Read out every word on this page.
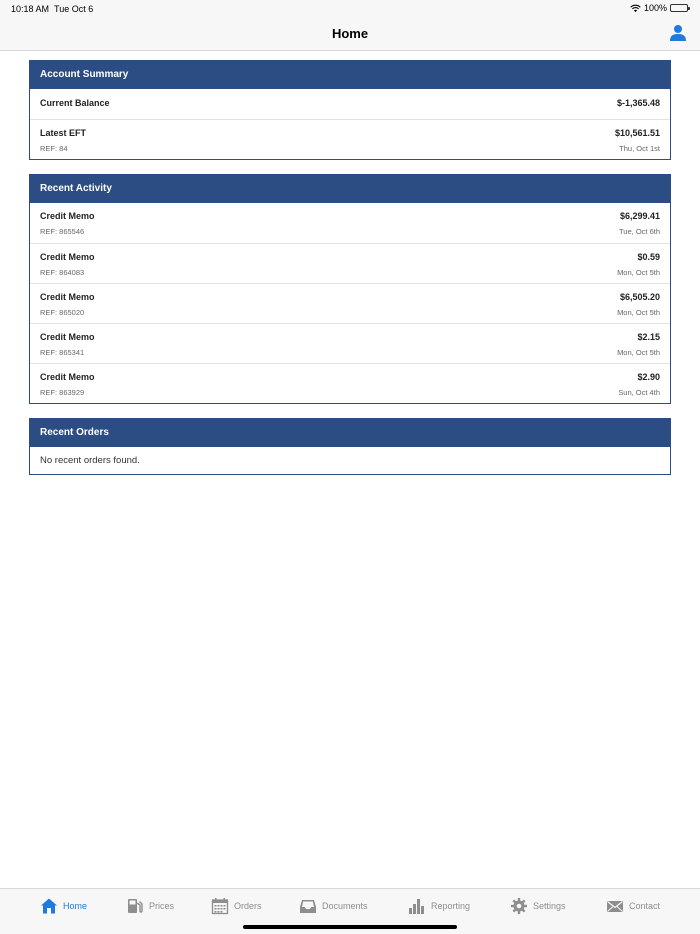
10:18 AM Tue Oct 6	100%
Home
Account Summary
Current Balance	$-1,365.48
Latest EFT	$10,561.51
REF: 84	Thu, Oct 1st
Recent Activity
Credit Memo	$6,299.41
REF: 865546	Tue, Oct 6th
Credit Memo	$0.59
REF: 864083	Mon, Oct 5th
Credit Memo	$6,505.20
REF: 865020	Mon, Oct 5th
Credit Memo	$2.15
REF: 865341	Mon, Oct 5th
Credit Memo	$2.90
REF: 863929	Sun, Oct 4th
Recent Orders
No recent orders found.
Home	Prices	Orders	Documents	Reporting	Settings	Contact
